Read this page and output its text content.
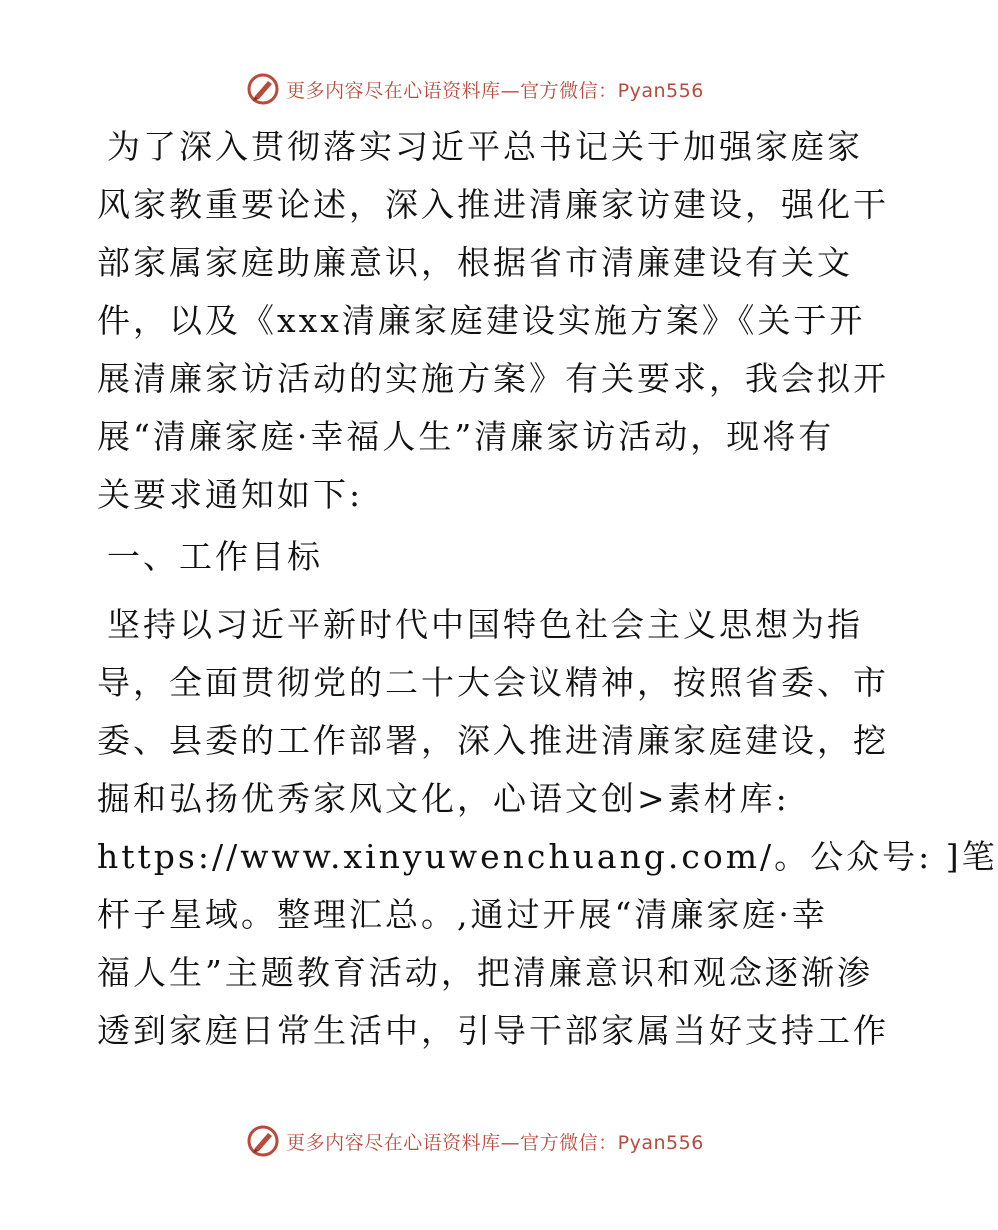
更多内容尽在心语资料库—官方微信：Pyan556
为了深入贯彻落实习近平总书记关于加强家庭家
风家教重要论述，深入推进清廉家访建设，强化干
部家属家庭助廉意识，根据省市清廉建设有关文
件，以及《xxx清廉家庭建设实施方案》《关于开
展清廉家访活动的实施方案》有关要求，我会拟开
展“清廉家庭·幸福人生”清廉家访活动，现将有
关要求通知如下:
一、工作目标
坚持以习近平新时代中国特色社会主义思想为指
导，全面贯彻党的二十大会议精神，按照省委、市
委、县委的工作部署，深入推进清廉家庭建设，挖
掘和弘扬优秀家风文化，心语文创>素材库:
https://www.xinyuwenchuang.com/。公众号: ]笔
杆子星域。整理汇总。,通过开展“清廉家庭·幸
福人生”主题教育活动，把清廉意识和观念逐渐渗
透到家庭日常生活中，引导干部家属当好支持工作
更多内容尽在心语资料库—官方微信：Pyan556
